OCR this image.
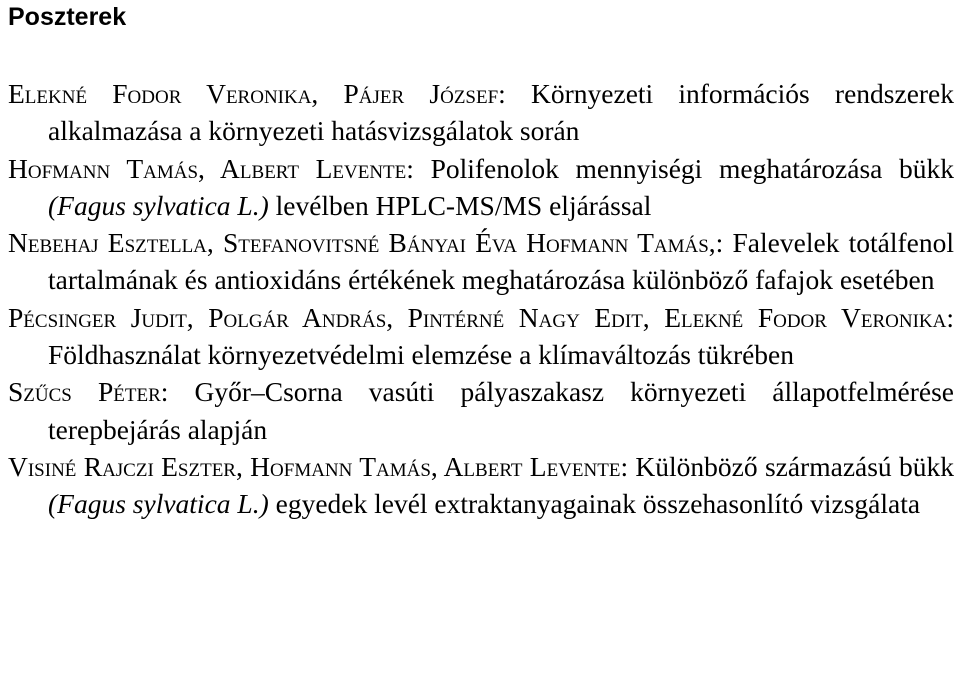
Poszterek

Elekné Fodor Veronika, Pájer József: Környezeti információs rendszerek alkalmazása a környezeti hatásvizsgálatok során

Hofmann Tamás, Albert Levente: Polifenolok mennyiségi meghatározása bükk (Fagus sylvatica L.) levélben HPLC-MS/MS eljárással

Nebehaj Esztella, Stefanovitsné Bányai Éva Hofmann Tamás,: Falevelek totálfenol tartalmának és antioxidáns értékének meghatározása különböző fafajok esetében

Pécsinger Judit, Polgár András, Pintérné Nagy Edit, Elekné Fodor Veronika: Földhasználat környezetvédelmi elemzése a klímaváltozás tükrében

Szűcs Péter: Győr–Csorna vasúti pályaszakasz környezeti állapotfelmérése terepbejárás alapján

Visiné Rajczi Eszter, Hofmann Tamás, Albert Levente: Különböző származású bükk (Fagus sylvatica L.) egyedek levél extraktanyagainak összehasonlító vizsgálata
